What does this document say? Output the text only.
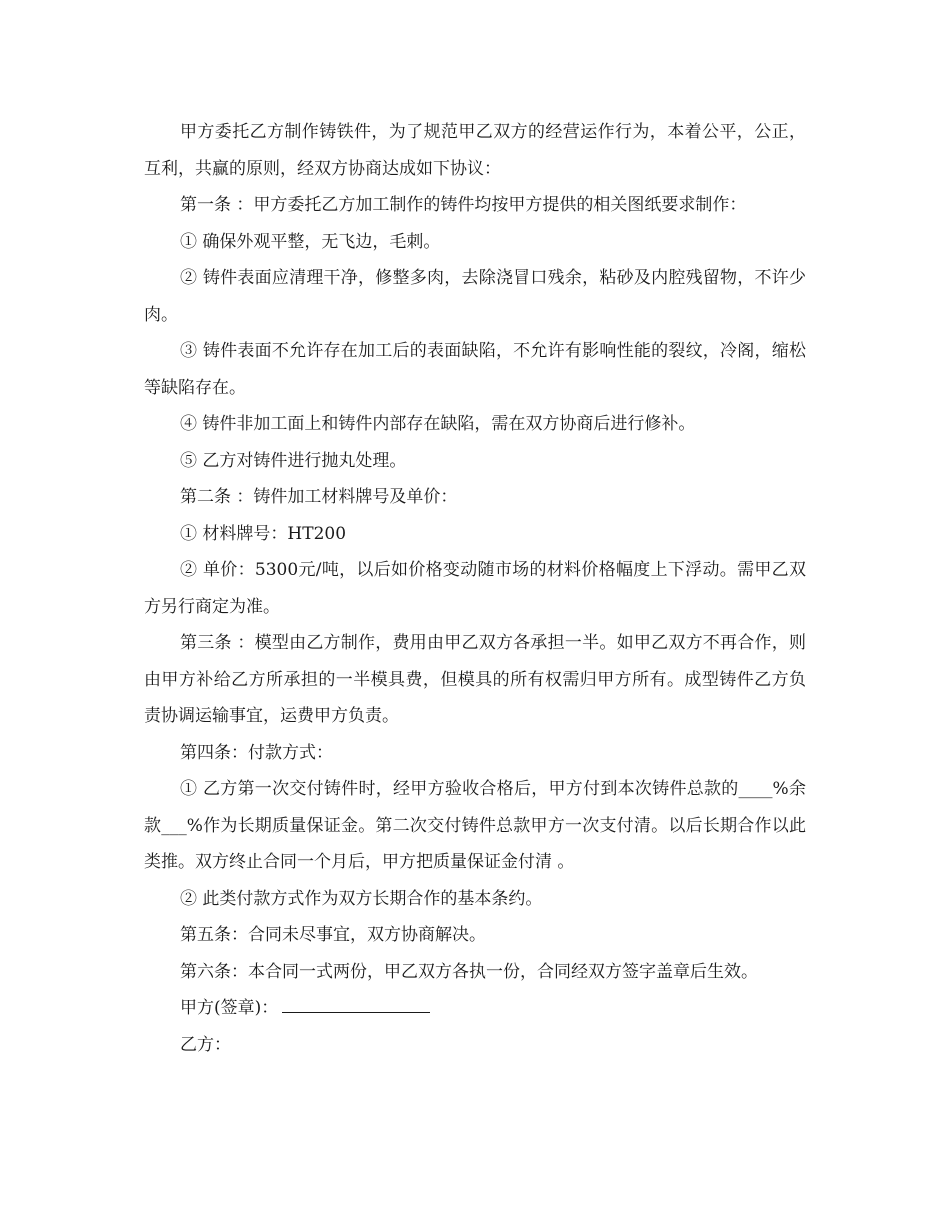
甲方委托乙方制作铸铁件，为了规范甲乙双方的经营运作行为，本着公平，公正，互利，共赢的原则，经双方协商达成如下协议：

第一条 ：甲方委托乙方加工制作的铸件均按甲方提供的相关图纸要求制作：

① 确保外观平整，无飞边，毛刺。

② 铸件表面应清理干净，修整多肉，去除浇冒口残余，粘砂及内腔残留物，不许少肉。

③ 铸件表面不允许存在加工后的表面缺陷，不允许有影响性能的裂纹，冷阁，缩松等缺陷存在。

④ 铸件非加工面上和铸件内部存在缺陷，需在双方协商后进行修补。

⑤ 乙方对铸件进行抛丸处理。

第二条 ：铸件加工材料牌号及单价：

① 材料牌号：HT200

② 单价：5300元/吨，以后如价格变动随市场的材料价格幅度上下浮动。需甲乙双方另行商定为准。

第三条 ：模型由乙方制作，费用由甲乙双方各承担一半。如甲乙双方不再合作，则由甲方补给乙方所承担的一半模具费，但模具的所有权需归甲方所有。成型铸件乙方负责协调运输事宜，运费甲方负责。

第四条：付款方式：

① 乙方第一次交付铸件时，经甲方验收合格后，甲方付到本次铸件总款的____%余款___%作为长期质量保证金。第二次交付铸件总款甲方一次支付清。以后长期合作以此类推。双方终止合同一个月后，甲方把质量保证金付清 。

② 此类付款方式作为双方长期合作的基本条约。

第五条：合同未尽事宜，双方协商解决。

第六条：本合同一式两份，甲乙双方各执一份，合同经双方签字盖章后生效。

甲方(签章)：

乙方：
